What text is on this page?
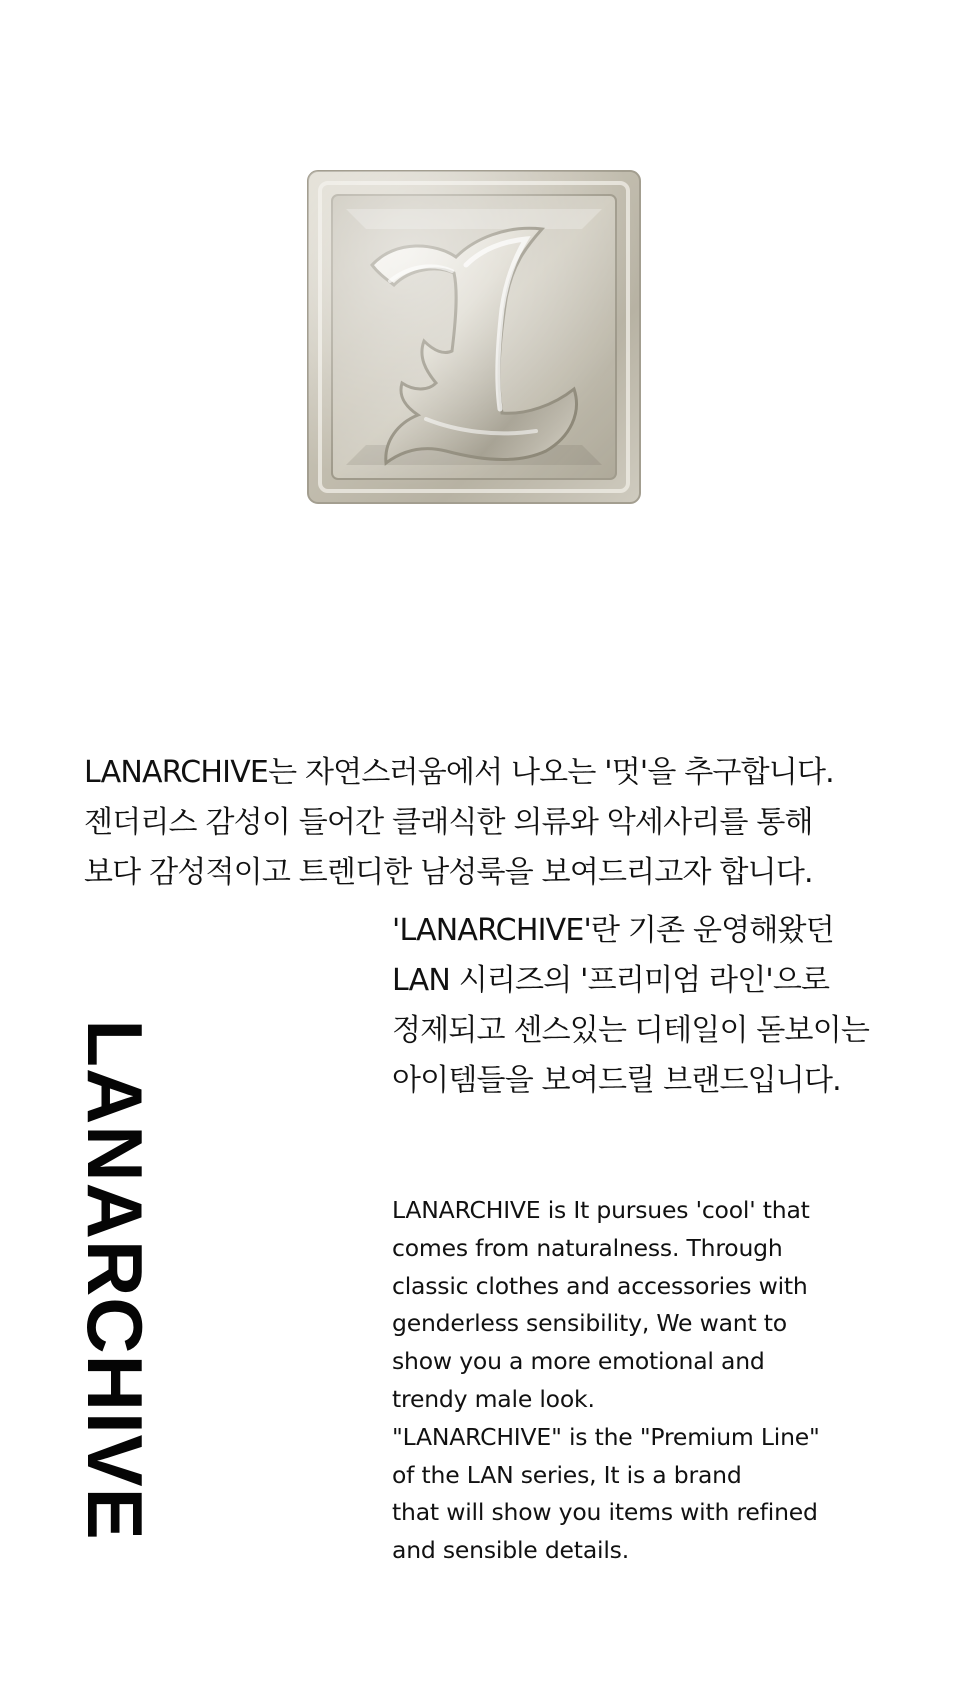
LANARCHIVE는 자연스러움에서 나오는 '멋'을 추구합니다.
젠더리스 감성이 들어간 클래식한 의류와 악세사리를 통해
보다 감성적이고 트렌디한 남성룩을 보여드리고자 합니다.

'LANARCHIVE'란 기존 운영해왔던
LAN 시리즈의 '프리미엄 라인'으로
정제되고 센스있는 디테일이 돋보이는
아이템들을 보여드릴 브랜드입니다.

LANARCHIVE is It pursues 'cool' that
comes from naturalness. Through
classic clothes and accessories with
genderless sensibility, We want to
show you a more emotional and
trendy male look.
"LANARCHIVE" is the "Premium Line"
of the LAN series, It is a brand
that will show you items with refined
and sensible details.

LANARCHIVE
